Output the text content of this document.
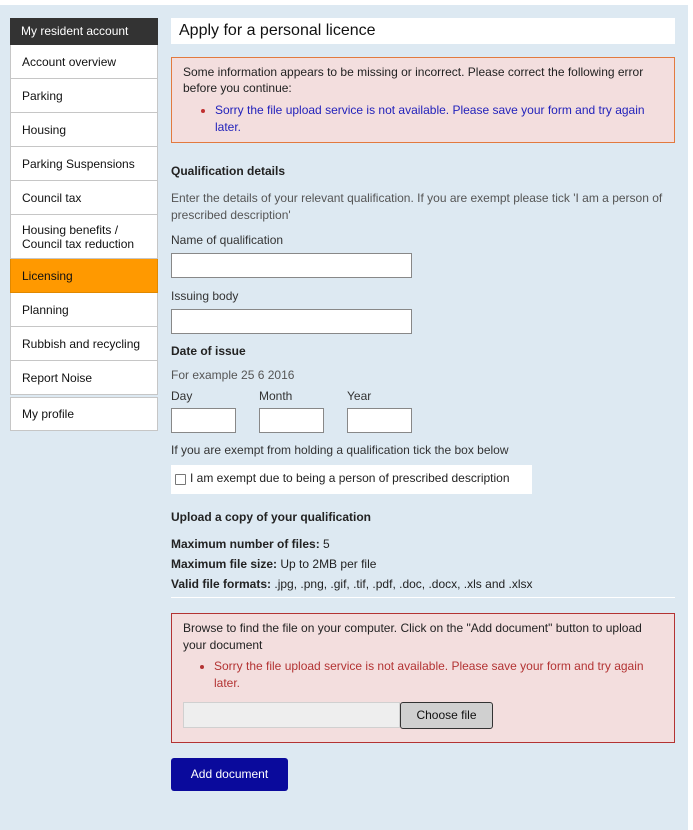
My resident account
Account overview
Parking
Housing
Parking Suspensions
Council tax
Housing benefits / Council tax reduction
Licensing
Planning
Rubbish and recycling
Report Noise
My profile
Apply for a personal licence

Some information appears to be missing or incorrect. Please correct the following error before you continue:

• Sorry the file upload service is not available. Please save your form and try again later.
Qualification details
Enter the details of your relevant qualification. If you are exempt please tick 'I am a person of prescribed description'
Name of qualification
Issuing body
Date of issue
For example 25 6 2016
Day	Month	Year
If you are exempt from holding a qualification tick the box below
I am exempt due to being a person of prescribed description
Upload a copy of your qualification
Maximum number of files: 5
Maximum file size: Up to 2MB per file
Valid file formats: .jpg, .png, .gif, .tif, .pdf, .doc, .docx, .xls and .xlsx

Browse to find the file on your computer. Click on the "Add document" button to upload your document

• Sorry the file upload service is not available. Please save your form and try again later.
Choose file
Add document
